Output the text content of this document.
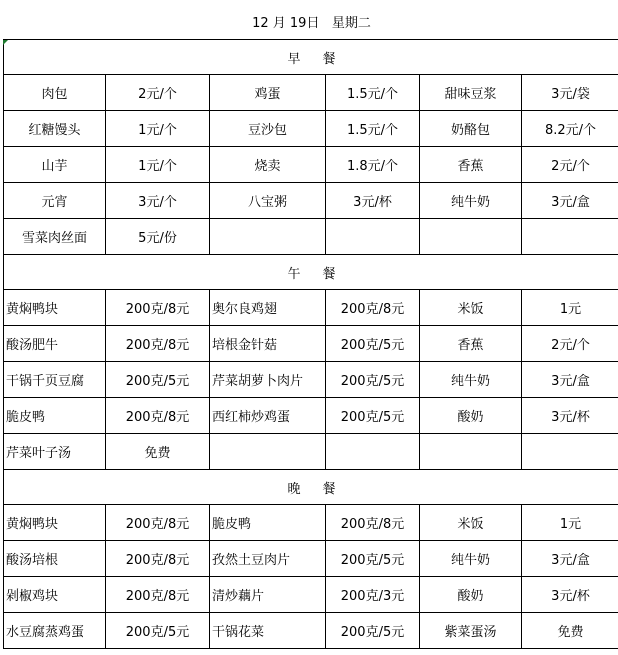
12 月 19日 星期二					
早 餐					
肉包	2元/个	鸡蛋	1.5元/个	甜味豆浆	3元/袋
红糖馒头	1元/个	豆沙包	1.5元/个	奶酪包	8.2元/个
山芋	1元/个	烧卖	1.8元/个	香蕉	2元/个
元宵	3元/个	八宝粥	3元/杯	纯牛奶	3元/盒
雪菜肉丝面	5元/份				
午 餐					
黄焖鸭块	200克/8元	奥尔良鸡翅	200克/8元	米饭	1元
酸汤肥牛	200克/8元	培根金针菇	200克/5元	香蕉	2元/个
干锅千页豆腐	200克/5元	芹菜胡萝卜肉片	200克/5元	纯牛奶	3元/盒
脆皮鸭	200克/8元	西红柿炒鸡蛋	200克/5元	酸奶	3元/杯
芹菜叶子汤	免费				
晚 餐					
黄焖鸭块	200克/8元	脆皮鸭	200克/8元	米饭	1元
酸汤培根	200克/8元	孜然土豆肉片	200克/5元	纯牛奶	3元/盒
剁椒鸡块	200克/8元	清炒藕片	200克/3元	酸奶	3元/杯
水豆腐蒸鸡蛋	200克/5元	干锅花菜	200克/5元	紫菜蛋汤	免费
